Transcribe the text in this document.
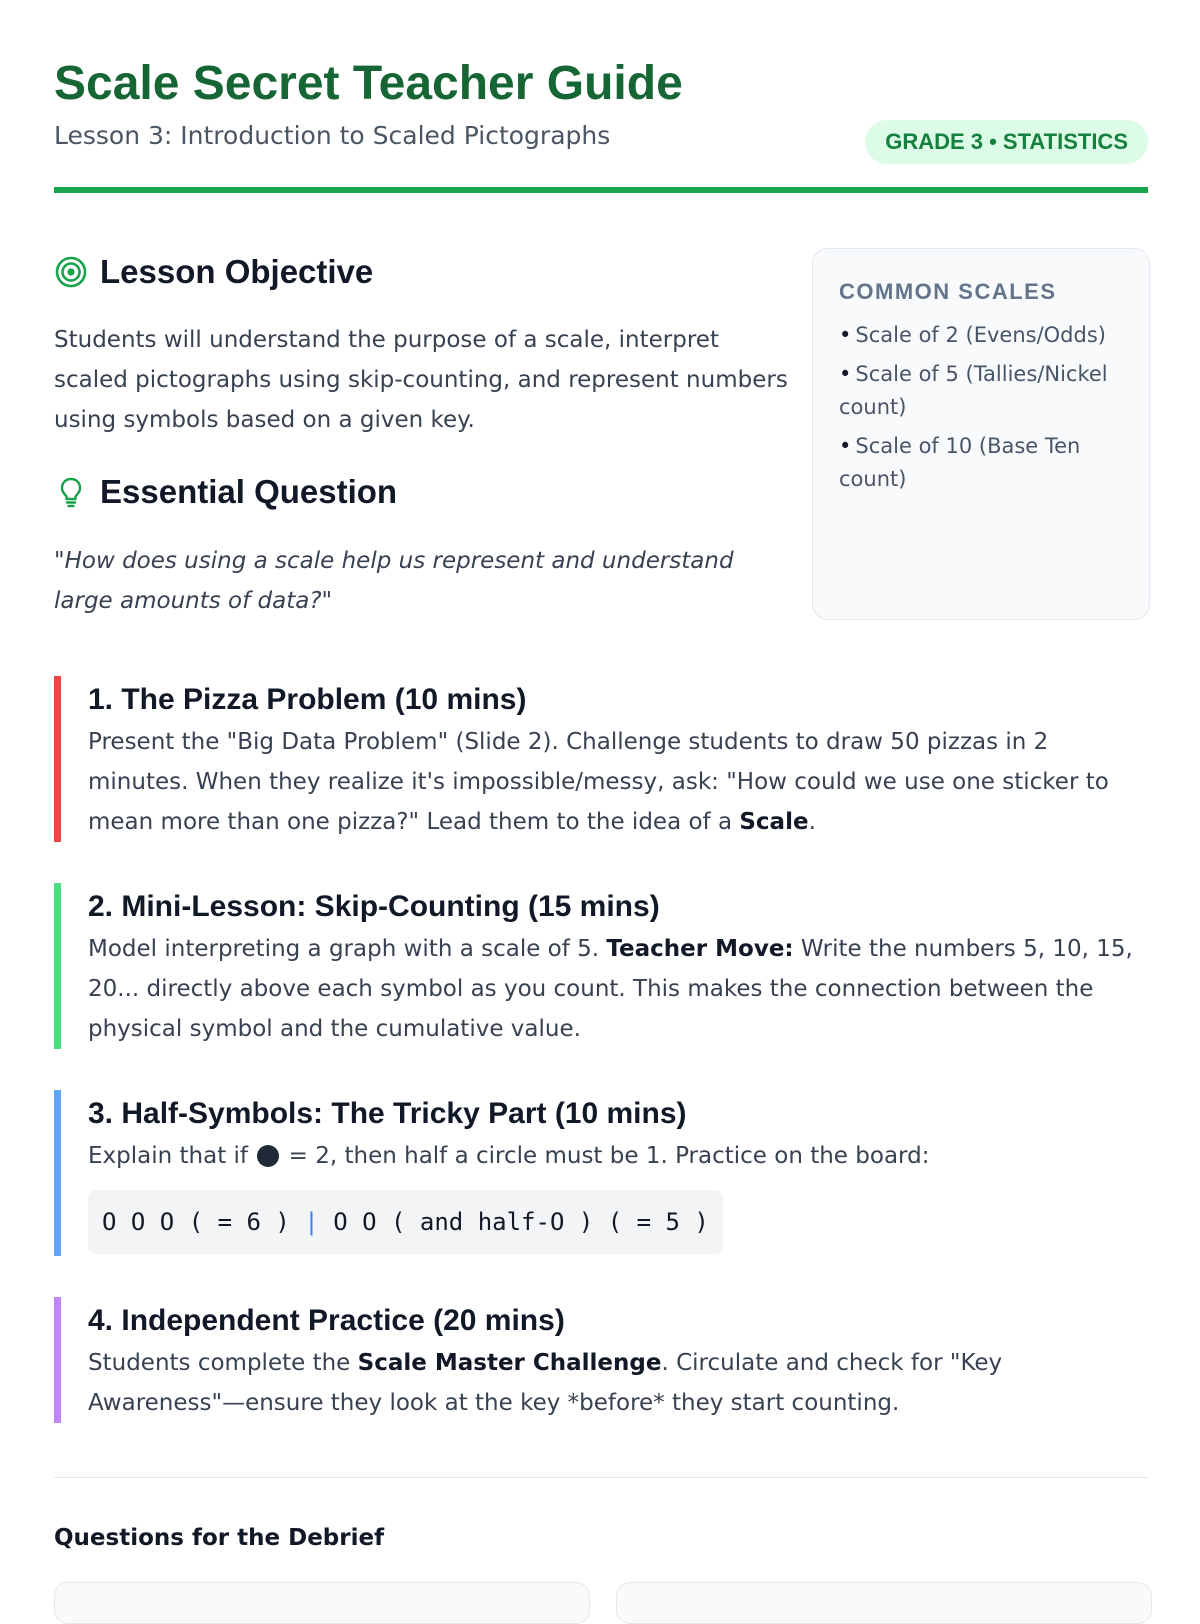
Scale Secret Teacher Guide
Lesson 3: Introduction to Scaled Pictographs	GRADE 3 • STATISTICS
Lesson Objective
Students will understand the purpose of a scale, interpret scaled pictographs using skip-counting, and represent numbers using symbols based on a given key.
Essential Question
"How does using a scale help us represent and understand large amounts of data?"
COMMON SCALES
• Scale of 2 (Evens/Odds)
• Scale of 5 (Tallies/Nickel count)
• Scale of 10 (Base Ten count)
1. The Pizza Problem (10 mins)

Present the "Big Data Problem" (Slide 2). Challenge students to draw 50 pizzas in 2 minutes. When they realize it's impossible/messy, ask: "How could we use one sticker to mean more than one pizza?" Lead them to the idea of a Scale.

2. Mini-Lesson: Skip-Counting (15 mins)

Model interpreting a graph with a scale of 5. Teacher Move: Write the numbers 5, 10, 15, 20... directly above each symbol as you count. This makes the connection between the physical symbol and the cumulative value.

3. Half-Symbols: The Tricky Part (10 mins)

Explain that if  = 2, then half a circle must be 1. Practice on the board:

O O O ( = 6 ) | O O ( and half-O ) ( = 5 )
4. Independent Practice (20 mins)

Students complete the Scale Master Challenge. Circulate and check for "Key Awareness"—ensure they look at the key *before* they start counting.

Questions for the Debrief
